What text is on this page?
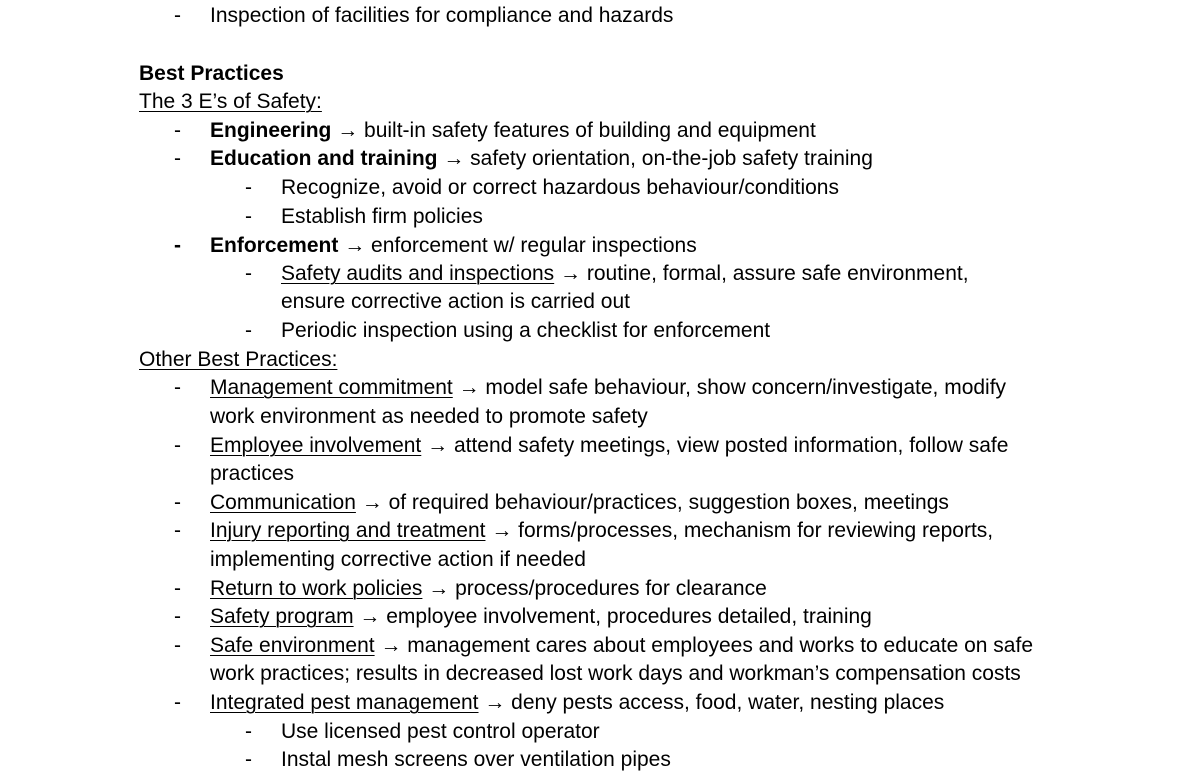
- Inspection of facilities for compliance and hazards
Best Practices
The 3 E’s of Safety:
- Engineering → built-in safety features of building and equipment
- Education and training → safety orientation, on-the-job safety training
- Recognize, avoid or correct hazardous behaviour/conditions
- Establish firm policies
- Enforcement → enforcement w/ regular inspections
- Safety audits and inspections → routine, formal, assure safe environment,
ensure corrective action is carried out
- Periodic inspection using a checklist for enforcement
Other Best Practices:
- Management commitment → model safe behaviour, show concern/investigate, modify
work environment as needed to promote safety
- Employee involvement → attend safety meetings, view posted information, follow safe
practices
- Communication → of required behaviour/practices, suggestion boxes, meetings
- Injury reporting and treatment → forms/processes, mechanism for reviewing reports,
implementing corrective action if needed
- Return to work policies → process/procedures for clearance
- Safety program → employee involvement, procedures detailed, training
- Safe environment → management cares about employees and works to educate on safe
work practices; results in decreased lost work days and workman’s compensation costs
- Integrated pest management → deny pests access, food, water, nesting places
- Use licensed pest control operator
- Instal mesh screens over ventilation pipes
